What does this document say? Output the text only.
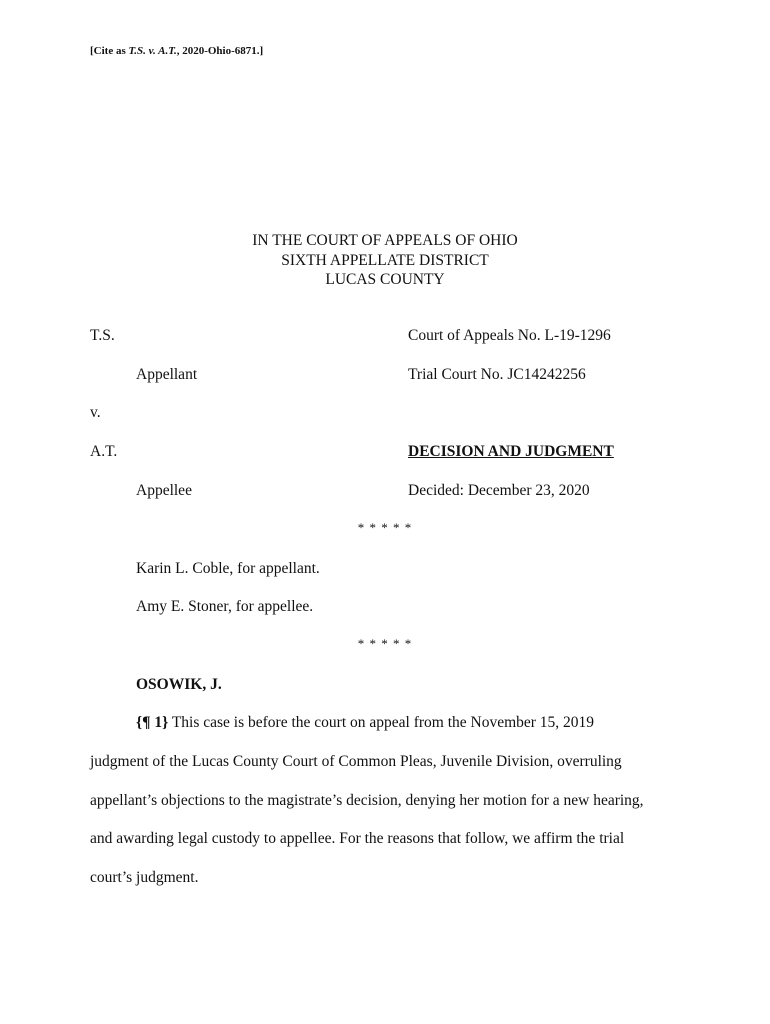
[Cite as T.S. v. A.T., 2020-Ohio-6871.]
IN THE COURT OF APPEALS OF OHIO
SIXTH APPELLATE DISTRICT
LUCAS COUNTY
T.S.	Court of Appeals No. L-19-1296
Appellant	Trial Court No. JC14242256
v.
A.T.	DECISION AND JUDGMENT
Appellee	Decided: December 23, 2020
* * * * *
Karin L. Coble, for appellant.
Amy E. Stoner, for appellee.
* * * * *
OSOWIK, J.
{¶ 1} This case is before the court on appeal from the November 15, 2019
judgment of the Lucas County Court of Common Pleas, Juvenile Division, overruling
appellant’s objections to the magistrate’s decision, denying her motion for a new hearing,
and awarding legal custody to appellee. For the reasons that follow, we affirm the trial
court’s judgment.
